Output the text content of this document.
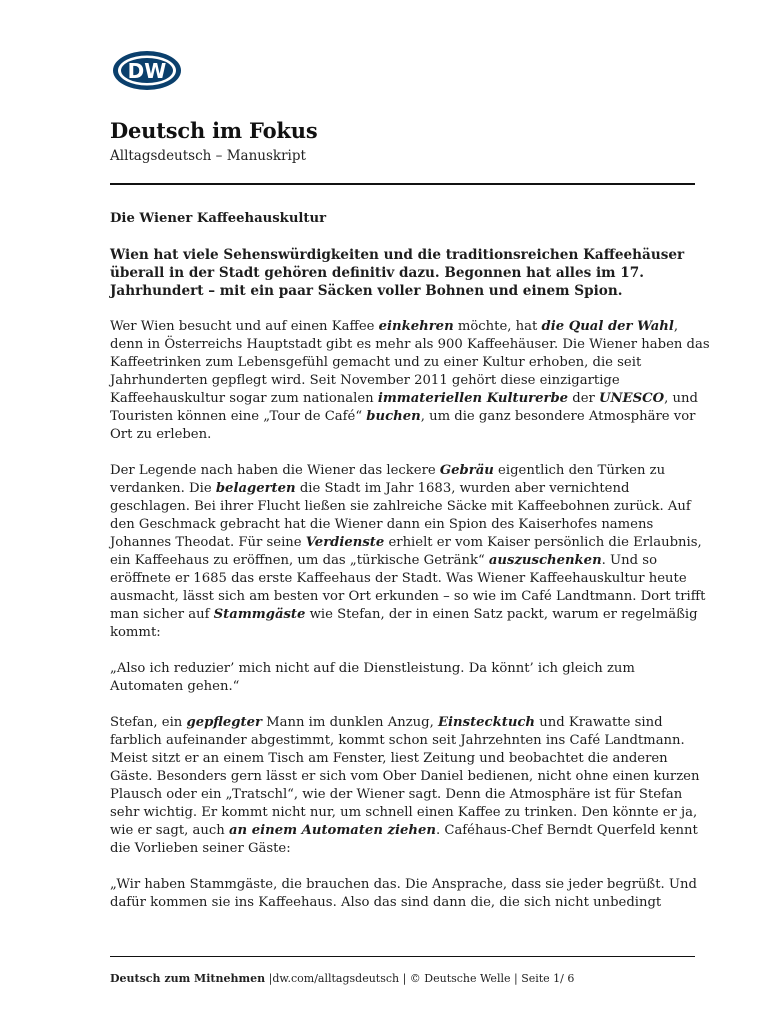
DW
Deutsch im Fokus
Alltagsdeutsch – Manuskript

Die Wiener Kaffeehauskultur

Wien hat viele Sehenswürdigkeiten und die traditionsreichen Kaffeehäuser überall in der Stadt gehören definitiv dazu. Begonnen hat alles im 17. Jahrhundert – mit ein paar Säcken voller Bohnen und einem Spion.

Wer Wien besucht und auf einen Kaffee einkehren möchte, hat die Qual der Wahl, denn in Österreichs Hauptstadt gibt es mehr als 900 Kaffeehäuser. Die Wiener haben das Kaffeetrinken zum Lebensgefühl gemacht und zu einer Kultur erhoben, die seit Jahrhunderten gepflegt wird. Seit November 2011 gehört diese einzigartige Kaffeehauskultur sogar zum nationalen immateriellen Kulturerbe der UNESCO, und Touristen können eine „Tour de Café“ buchen, um die ganz besondere Atmosphäre vor Ort zu erleben.

Der Legende nach haben die Wiener das leckere Gebräu eigentlich den Türken zu verdanken. Die belagerten die Stadt im Jahr 1683, wurden aber vernichtend geschlagen. Bei ihrer Flucht ließen sie zahlreiche Säcke mit Kaffeebohnen zurück. Auf den Geschmack gebracht hat die Wiener dann ein Spion des Kaiserhofes namens Johannes Theodat. Für seine Verdienste erhielt er vom Kaiser persönlich die Erlaubnis, ein Kaffeehaus zu eröffnen, um das „türkische Getränk“ auszuschenken. Und so eröffnete er 1685 das erste Kaffeehaus der Stadt. Was Wiener Kaffeehauskultur heute ausmacht, lässt sich am besten vor Ort erkunden – so wie im Café Landtmann. Dort trifft man sicher auf Stammgäste wie Stefan, der in einen Satz packt, warum er regelmäßig kommt:

„Also ich reduzier’ mich nicht auf die Dienstleistung. Da könnt’ ich gleich zum Automaten gehen.“

Stefan, ein gepflegter Mann im dunklen Anzug, Einstecktuch und Krawatte sind farblich aufeinander abgestimmt, kommt schon seit Jahrzehnten ins Café Landtmann. Meist sitzt er an einem Tisch am Fenster, liest Zeitung und beobachtet die anderen Gäste. Besonders gern lässt er sich vom Ober Daniel bedienen, nicht ohne einen kurzen Plausch oder ein „Tratschl“, wie der Wiener sagt. Denn die Atmosphäre ist für Stefan sehr wichtig. Er kommt nicht nur, um schnell einen Kaffee zu trinken. Den könnte er ja, wie er sagt, auch an einem Automaten ziehen. Caféhaus-Chef Berndt Querfeld kennt die Vorlieben seiner Gäste:

„Wir haben Stammgäste, die brauchen das. Die Ansprache, dass sie jeder begrüßt. Und dafür kommen sie ins Kaffeehaus. Also das sind dann die, die sich nicht unbedingt

Deutsch zum Mitnehmen |dw.com/alltagsdeutsch | © Deutsche Welle | Seite 1/ 6
